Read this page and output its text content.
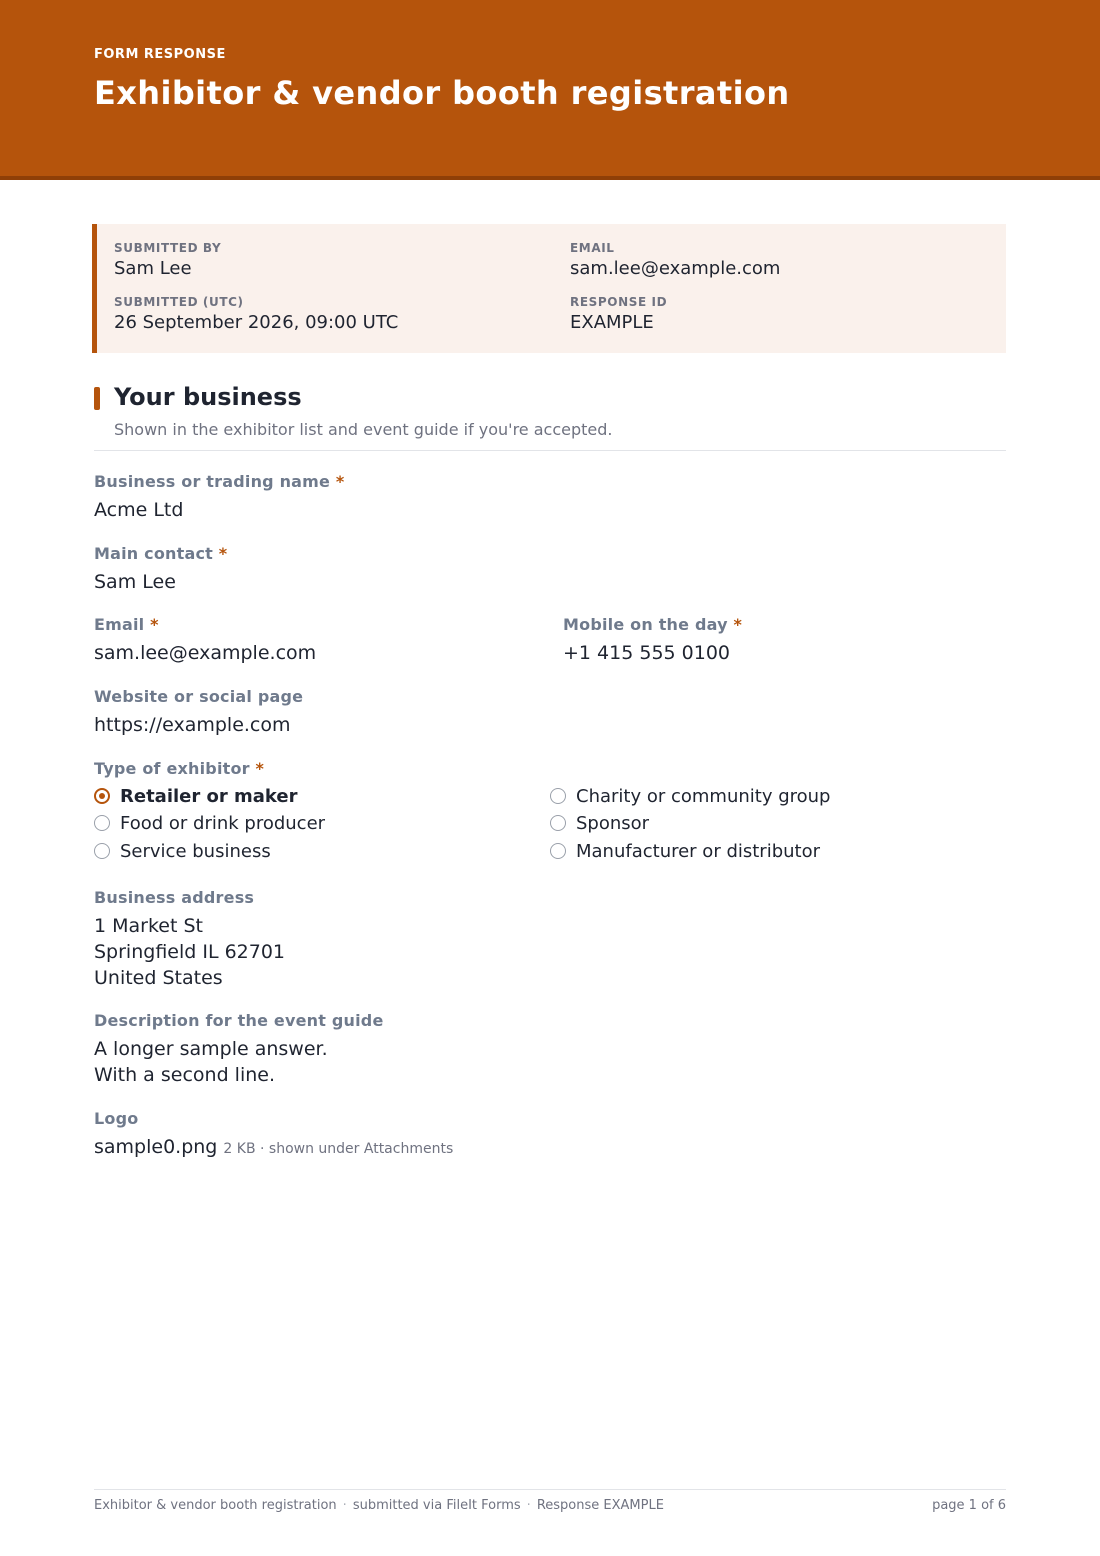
FORM RESPONSE
Exhibitor & vendor booth registration
SUBMITTED BY
Sam Lee
EMAIL
sam.lee@example.com
SUBMITTED (UTC)
26 September 2026, 09:00 UTC
RESPONSE ID
EXAMPLE
Your business
Shown in the exhibitor list and event guide if you're accepted.
Business or trading name *
Acme Ltd
Main contact *
Sam Lee
Email *
sam.lee@example.com
Mobile on the day *
+1 415 555 0100
Website or social page
https://example.com
Type of exhibitor *
Retailer or maker
Food or drink producer
Service business
Charity or community group
Sponsor
Manufacturer or distributor
Business address
1 Market St
Springfield IL 62701
United States
Description for the event guide
A longer sample answer.
With a second line.
Logo
sample0.png 2 KB · shown under Attachments
Exhibitor & vendor booth registration · submitted via FileIt Forms · Response EXAMPLE	page 1 of 6
